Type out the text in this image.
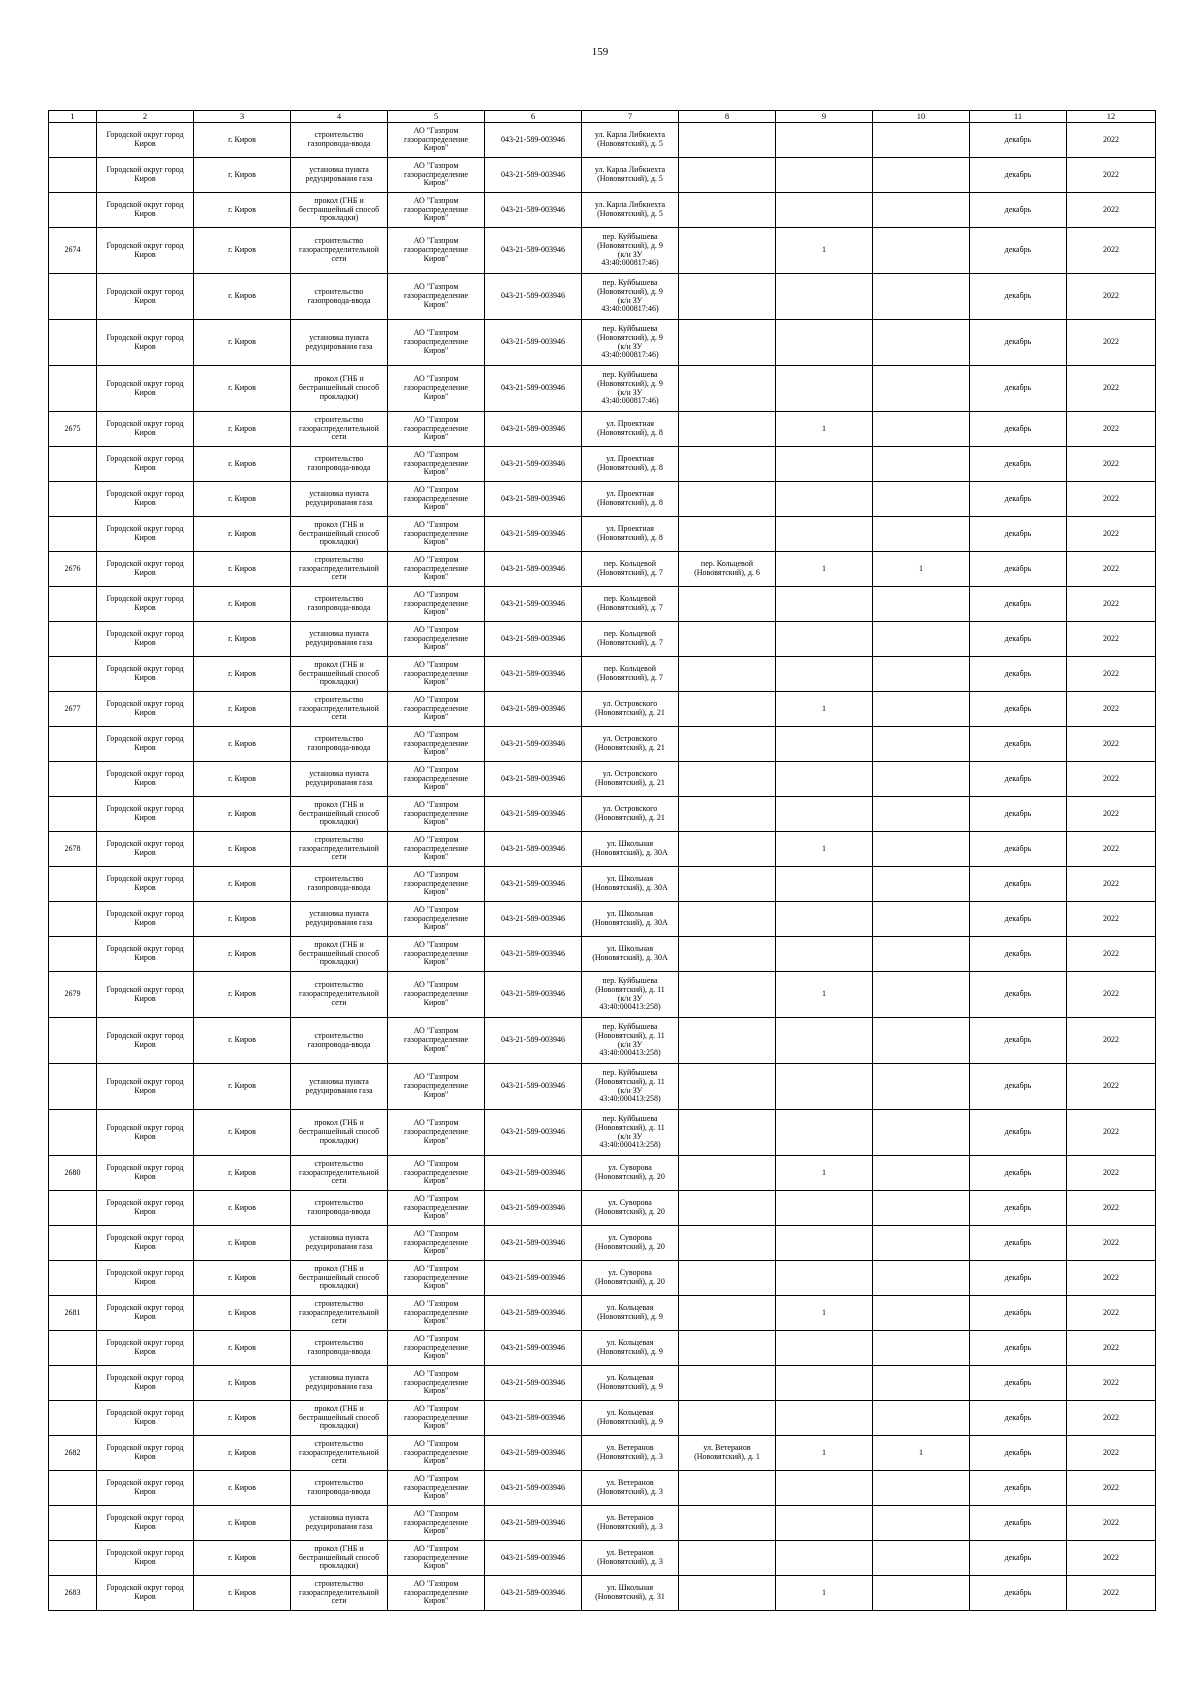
159
1	2	3	4	5	6	7	8	9	10	11	12
	Городской округ город
Киров	г. Киров	строительство
газопровода-ввода	АО "Газпром
газораспределение
Киров"	043-21-589-003946	ул. Карла Либкнехта
(Нововятский), д. 5				декабрь	2022
	Городской округ город
Киров	г. Киров	установка пункта
редуцирования газа	АО "Газпром
газораспределение
Киров"	043-21-589-003946	ул. Карла Либкнехта
(Нововятский), д. 5				декабрь	2022
	Городской округ город
Киров	г. Киров	прокол (ГНБ и
бестраншейный способ
прокладки)	АО "Газпром
газораспределение
Киров"	043-21-589-003946	ул. Карла Либкнехта
(Нововятский), д. 5				декабрь	2022
2674	Городской округ город
Киров	г. Киров	строительство
газораспределительной
сети	АО "Газпром
газораспределение
Киров"	043-21-589-003946	пер. Куйбышева
(Нововятский), д. 9
(к/н ЗУ
43:40:000817:46)		1		декабрь	2022
	Городской округ город
Киров	г. Киров	строительство
газопровода-ввода	АО "Газпром
газораспределение
Киров"	043-21-589-003946	пер. Куйбышева
(Нововятский), д. 9
(к/н ЗУ
43:40:000817:46)				декабрь	2022
	Городской округ город
Киров	г. Киров	установка пункта
редуцирования газа	АО "Газпром
газораспределение
Киров"	043-21-589-003946	пер. Куйбышева
(Нововятский), д. 9
(к/н ЗУ
43:40:000817:46)				декабрь	2022
	Городской округ город
Киров	г. Киров	прокол (ГНБ и
бестраншейный способ
прокладки)	АО "Газпром
газораспределение
Киров"	043-21-589-003946	пер. Куйбышева
(Нововятский), д. 9
(к/н ЗУ
43:40:000817:46)				декабрь	2022
2675	Городской округ город
Киров	г. Киров	строительство
газораспределительной
сети	АО "Газпром
газораспределение
Киров"	043-21-589-003946	ул. Проектная
(Нововятский), д. 8		1		декабрь	2022
	Городской округ город
Киров	г. Киров	строительство
газопровода-ввода	АО "Газпром
газораспределение
Киров"	043-21-589-003946	ул. Проектная
(Нововятский), д. 8				декабрь	2022
	Городской округ город
Киров	г. Киров	установка пункта
редуцирования газа	АО "Газпром
газораспределение
Киров"	043-21-589-003946	ул. Проектная
(Нововятский), д. 8				декабрь	2022
	Городской округ город
Киров	г. Киров	прокол (ГНБ и
бестраншейный способ
прокладки)	АО "Газпром
газораспределение
Киров"	043-21-589-003946	ул. Проектная
(Нововятский), д. 8				декабрь	2022
2676	Городской округ город
Киров	г. Киров	строительство
газораспределительной
сети	АО "Газпром
газораспределение
Киров"	043-21-589-003946	пер. Кольцевой
(Нововятский), д. 7	пер. Кольцевой
(Нововятский), д. 6	1	1	декабрь	2022
	Городской округ город
Киров	г. Киров	строительство
газопровода-ввода	АО "Газпром
газораспределение
Киров"	043-21-589-003946	пер. Кольцевой
(Нововятский), д. 7				декабрь	2022
	Городской округ город
Киров	г. Киров	установка пункта
редуцирования газа	АО "Газпром
газораспределение
Киров"	043-21-589-003946	пер. Кольцевой
(Нововятский), д. 7				декабрь	2022
	Городской округ город
Киров	г. Киров	прокол (ГНБ и
бестраншейный способ
прокладки)	АО "Газпром
газораспределение
Киров"	043-21-589-003946	пер. Кольцевой
(Нововятский), д. 7				декабрь	2022
2677	Городской округ город
Киров	г. Киров	строительство
газораспределительной
сети	АО "Газпром
газораспределение
Киров"	043-21-589-003946	ул. Островского
(Нововятский), д. 21		1		декабрь	2022
	Городской округ город
Киров	г. Киров	строительство
газопровода-ввода	АО "Газпром
газораспределение
Киров"	043-21-589-003946	ул. Островского
(Нововятский), д. 21				декабрь	2022
	Городской округ город
Киров	г. Киров	установка пункта
редуцирования газа	АО "Газпром
газораспределение
Киров"	043-21-589-003946	ул. Островского
(Нововятский), д. 21				декабрь	2022
	Городской округ город
Киров	г. Киров	прокол (ГНБ и
бестраншейный способ
прокладки)	АО "Газпром
газораспределение
Киров"	043-21-589-003946	ул. Островского
(Нововятский), д. 21				декабрь	2022
2678	Городской округ город
Киров	г. Киров	строительство
газораспределительной
сети	АО "Газпром
газораспределение
Киров"	043-21-589-003946	ул. Школьная
(Нововятский), д. 30А		1		декабрь	2022
	Городской округ город
Киров	г. Киров	строительство
газопровода-ввода	АО "Газпром
газораспределение
Киров"	043-21-589-003946	ул. Школьная
(Нововятский), д. 30А				декабрь	2022
	Городской округ город
Киров	г. Киров	установка пункта
редуцирования газа	АО "Газпром
газораспределение
Киров"	043-21-589-003946	ул. Школьная
(Нововятский), д. 30А				декабрь	2022
	Городской округ город
Киров	г. Киров	прокол (ГНБ и
бестраншейный способ
прокладки)	АО "Газпром
газораспределение
Киров"	043-21-589-003946	ул. Школьная
(Нововятский), д. 30А				декабрь	2022
2679	Городской округ город
Киров	г. Киров	строительство
газораспределительной
сети	АО "Газпром
газораспределение
Киров"	043-21-589-003946	пер. Куйбышева
(Нововятский), д. 11
(к/н ЗУ
43:40:000413:258)		1		декабрь	2022
	Городской округ город
Киров	г. Киров	строительство
газопровода-ввода	АО "Газпром
газораспределение
Киров"	043-21-589-003946	пер. Куйбышева
(Нововятский), д. 11
(к/н ЗУ
43:40:000413:258)				декабрь	2022
	Городской округ город
Киров	г. Киров	установка пункта
редуцирования газа	АО "Газпром
газораспределение
Киров"	043-21-589-003946	пер. Куйбышева
(Нововятский), д. 11
(к/н ЗУ
43:40:000413:258)				декабрь	2022
	Городской округ город
Киров	г. Киров	прокол (ГНБ и
бестраншейный способ
прокладки)	АО "Газпром
газораспределение
Киров"	043-21-589-003946	пер. Куйбышева
(Нововятский), д. 11
(к/н ЗУ
43:40:000413:258)				декабрь	2022
2680	Городской округ город
Киров	г. Киров	строительство
газораспределительной
сети	АО "Газпром
газораспределение
Киров"	043-21-589-003946	ул. Суворова
(Нововятский), д. 20		1		декабрь	2022
	Городской округ город
Киров	г. Киров	строительство
газопровода-ввода	АО "Газпром
газораспределение
Киров"	043-21-589-003946	ул. Суворова
(Нововятский), д. 20				декабрь	2022
	Городской округ город
Киров	г. Киров	установка пункта
редуцирования газа	АО "Газпром
газораспределение
Киров"	043-21-589-003946	ул. Суворова
(Нововятский), д. 20				декабрь	2022
	Городской округ город
Киров	г. Киров	прокол (ГНБ и
бестраншейный способ
прокладки)	АО "Газпром
газораспределение
Киров"	043-21-589-003946	ул. Суворова
(Нововятский), д. 20				декабрь	2022
2681	Городской округ город
Киров	г. Киров	строительство
газораспределительной
сети	АО "Газпром
газораспределение
Киров"	043-21-589-003946	ул. Кольцевая
(Нововятский), д. 9		1		декабрь	2022
	Городской округ город
Киров	г. Киров	строительство
газопровода-ввода	АО "Газпром
газораспределение
Киров"	043-21-589-003946	ул. Кольцевая
(Нововятский), д. 9				декабрь	2022
	Городской округ город
Киров	г. Киров	установка пункта
редуцирования газа	АО "Газпром
газораспределение
Киров"	043-21-589-003946	ул. Кольцевая
(Нововятский), д. 9				декабрь	2022
	Городской округ город
Киров	г. Киров	прокол (ГНБ и
бестраншейный способ
прокладки)	АО "Газпром
газораспределение
Киров"	043-21-589-003946	ул. Кольцевая
(Нововятский), д. 9				декабрь	2022
2682	Городской округ город
Киров	г. Киров	строительство
газораспределительной
сети	АО "Газпром
газораспределение
Киров"	043-21-589-003946	ул. Ветеранов
(Нововятский), д. 3	ул. Ветеранов
(Нововятский), д. 1	1	1	декабрь	2022
	Городской округ город
Киров	г. Киров	строительство
газопровода-ввода	АО "Газпром
газораспределение
Киров"	043-21-589-003946	ул. Ветеранов
(Нововятский), д. 3				декабрь	2022
	Городской округ город
Киров	г. Киров	установка пункта
редуцирования газа	АО "Газпром
газораспределение
Киров"	043-21-589-003946	ул. Ветеранов
(Нововятский), д. 3				декабрь	2022
	Городской округ город
Киров	г. Киров	прокол (ГНБ и
бестраншейный способ
прокладки)	АО "Газпром
газораспределение
Киров"	043-21-589-003946	ул. Ветеранов
(Нововятский), д. 3				декабрь	2022
2683	Городской округ город
Киров	г. Киров	строительство
газораспределительной
сети	АО "Газпром
газораспределение
Киров"	043-21-589-003946	ул. Школьная
(Нововятский), д. 31		1		декабрь	2022
